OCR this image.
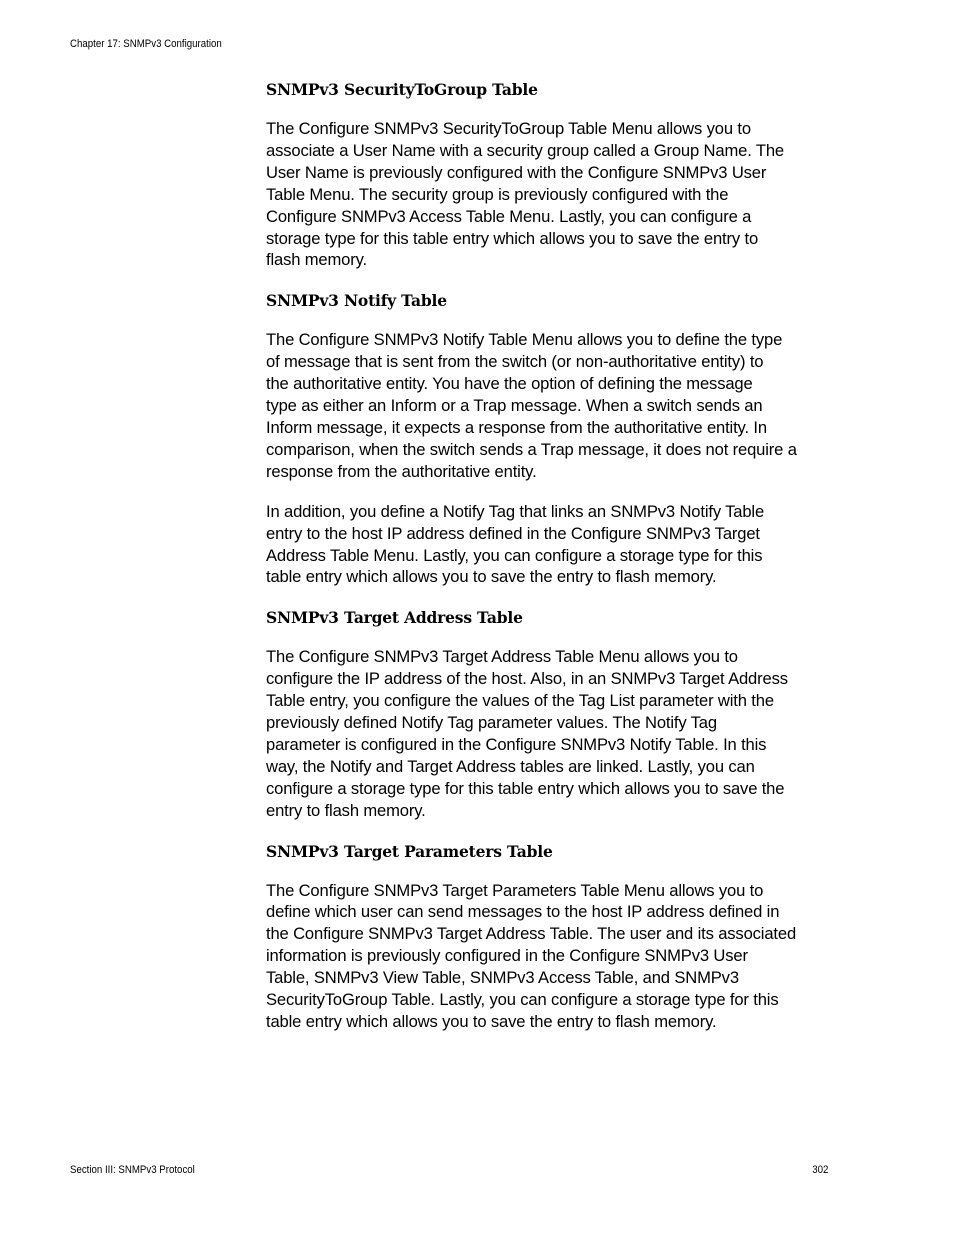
Chapter 17: SNMPv3 Configuration
SNMPv3 SecurityToGroup Table

The Configure SNMPv3 SecurityToGroup Table Menu allows you to
associate a User Name with a security group called a Group Name. The
User Name is previously configured with the Configure SNMPv3 User
Table Menu. The security group is previously configured with the
Configure SNMPv3 Access Table Menu. Lastly, you can configure a
storage type for this table entry which allows you to save the entry to
flash memory.

SNMPv3 Notify Table

The Configure SNMPv3 Notify Table Menu allows you to define the type
of message that is sent from the switch (or non-authoritative entity) to
the authoritative entity. You have the option of defining the message
type as either an Inform or a Trap message. When a switch sends an
Inform message, it expects a response from the authoritative entity. In
comparison, when the switch sends a Trap message, it does not require a
response from the authoritative entity.

In addition, you define a Notify Tag that links an SNMPv3 Notify Table
entry to the host IP address defined in the Configure SNMPv3 Target
Address Table Menu. Lastly, you can configure a storage type for this
table entry which allows you to save the entry to flash memory.

SNMPv3 Target Address Table

The Configure SNMPv3 Target Address Table Menu allows you to
configure the IP address of the host. Also, in an SNMPv3 Target Address
Table entry, you configure the values of the Tag List parameter with the
previously defined Notify Tag parameter values. The Notify Tag
parameter is configured in the Configure SNMPv3 Notify Table. In this
way, the Notify and Target Address tables are linked. Lastly, you can
configure a storage type for this table entry which allows you to save the
entry to flash memory.

SNMPv3 Target Parameters Table

The Configure SNMPv3 Target Parameters Table Menu allows you to
define which user can send messages to the host IP address defined in
the Configure SNMPv3 Target Address Table. The user and its associated
information is previously configured in the Configure SNMPv3 User
Table, SNMPv3 View Table, SNMPv3 Access Table, and SNMPv3
SecurityToGroup Table. Lastly, you can configure a storage type for this
table entry which allows you to save the entry to flash memory.

Section III: SNMPv3 Protocol	302
